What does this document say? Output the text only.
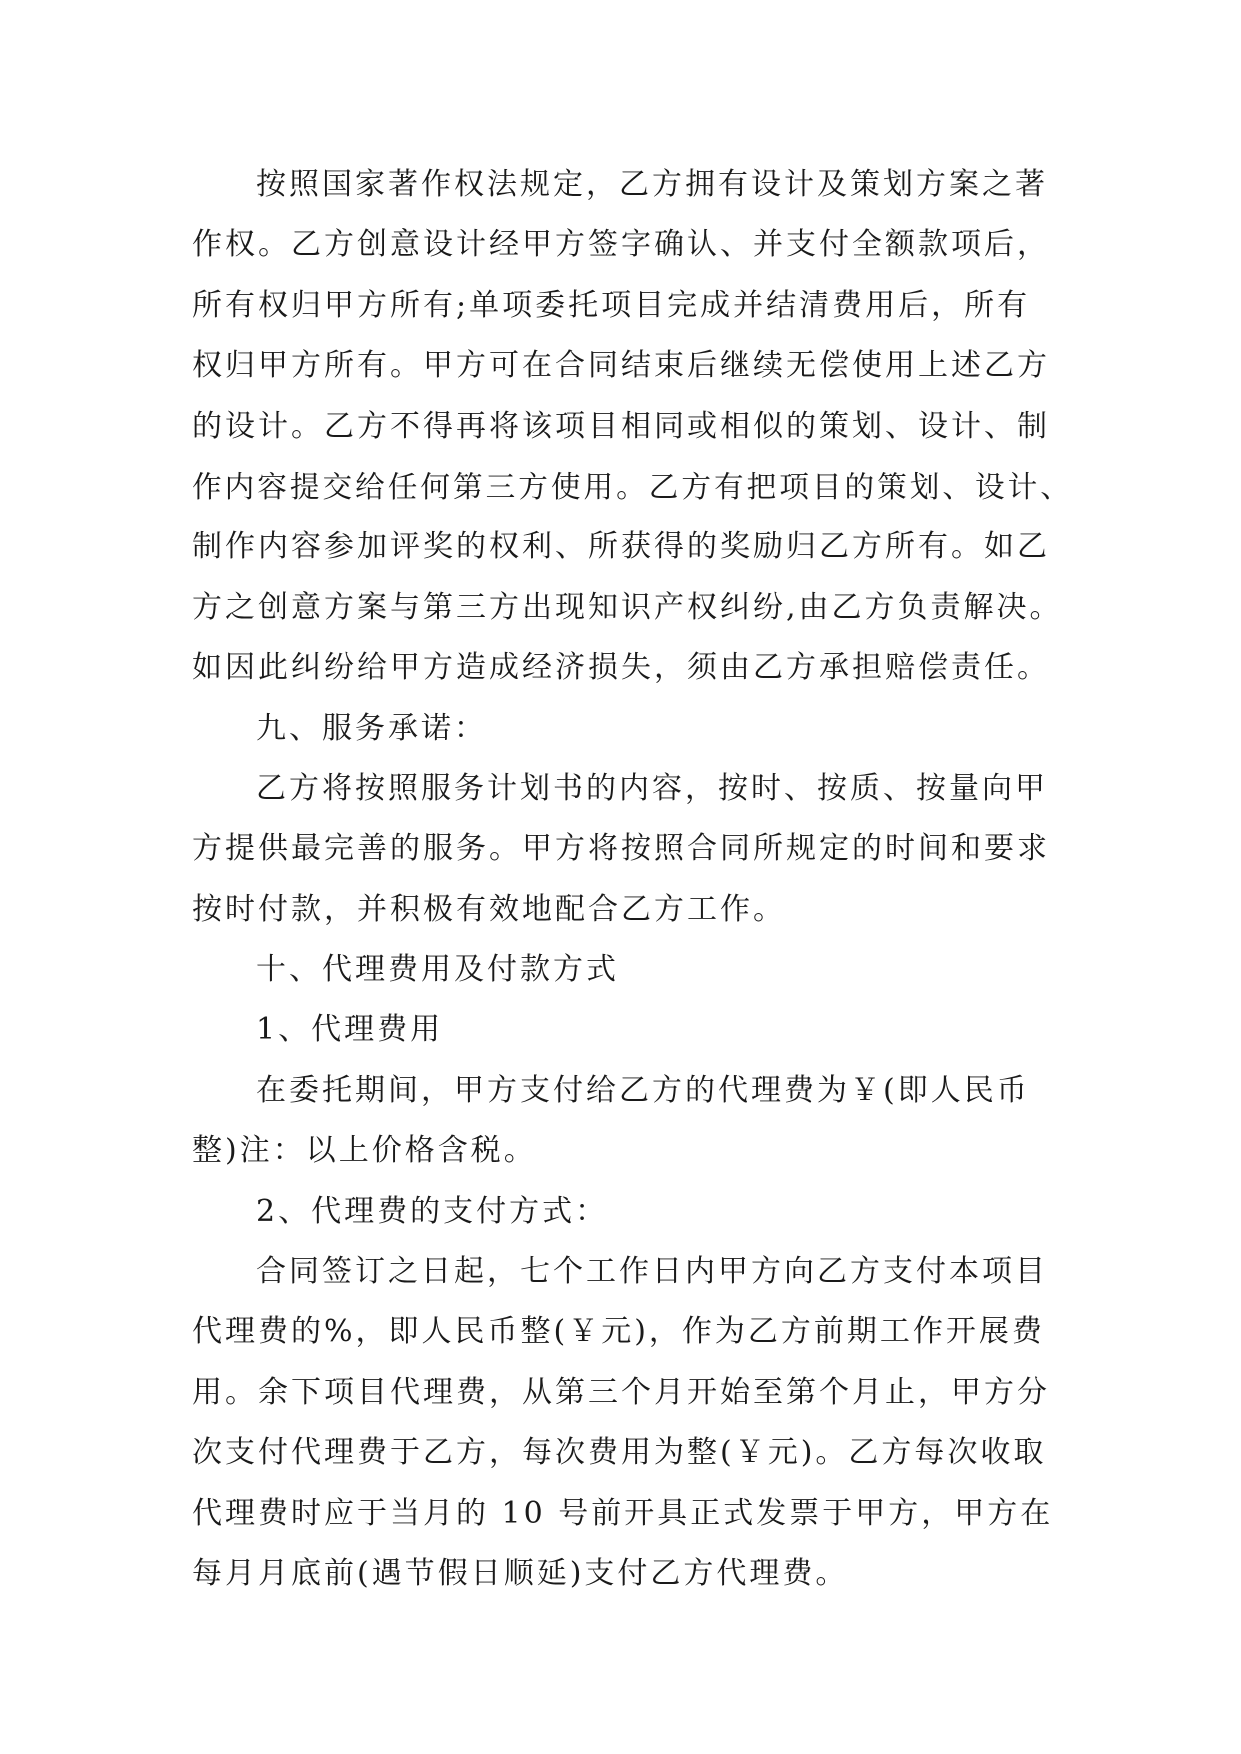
按照国家著作权法规定，乙方拥有设计及策划方案之著
作权。乙方创意设计经甲方签字确认、并支付全额款项后，
所有权归甲方所有;单项委托项目完成并结清费用后，所有
权归甲方所有。甲方可在合同结束后继续无偿使用上述乙方
的设计。乙方不得再将该项目相同或相似的策划、设计、制
作内容提交给任何第三方使用。乙方有把项目的策划、设计、
制作内容参加评奖的权利、所获得的奖励归乙方所有。如乙
方之创意方案与第三方出现知识产权纠纷,由乙方负责解决。
如因此纠纷给甲方造成经济损失，须由乙方承担赔偿责任。
九、服务承诺：
乙方将按照服务计划书的内容，按时、按质、按量向甲
方提供最完善的服务。甲方将按照合同所规定的时间和要求
按时付款，并积极有效地配合乙方工作。
十、代理费用及付款方式
1、代理费用
在委托期间，甲方支付给乙方的代理费为￥(即人民币
整)注：以上价格含税。
2、代理费的支付方式：
合同签订之日起，七个工作日内甲方向乙方支付本项目
代理费的%，即人民币整(￥元)，作为乙方前期工作开展费
用。余下项目代理费，从第三个月开始至第个月止，甲方分
次支付代理费于乙方，每次费用为整(￥元)。乙方每次收取
代理费时应于当月的 10 号前开具正式发票于甲方，甲方在
每月月底前(遇节假日顺延)支付乙方代理费。
